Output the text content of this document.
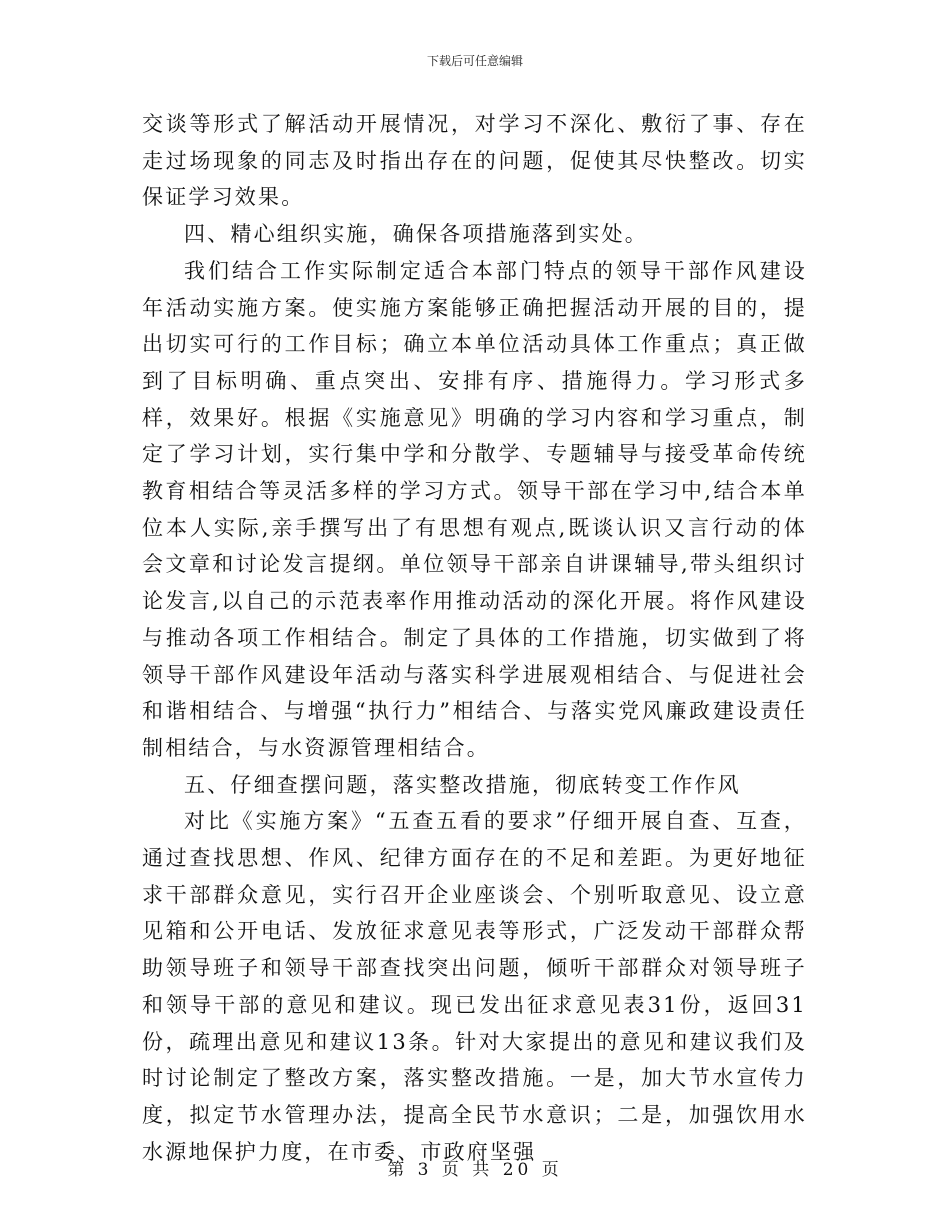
下载后可任意编辑

交谈等形式了解活动开展情况，对学习不深化、敷衍了事、存在走过场现象的同志及时指出存在的问题，促使其尽快整改。切实保证学习效果。

四、精心组织实施，确保各项措施落到实处。

我们结合工作实际制定适合本部门特点的领导干部作风建设年活动实施方案。使实施方案能够正确把握活动开展的目的，提出切实可行的工作目标；确立本单位活动具体工作重点；真正做到了目标明确、重点突出、安排有序、措施得力。学习形式多样，效果好。根据《实施意见》明确的学习内容和学习重点，制定了学习计划，实行集中学和分散学、专题辅导与接受革命传统教育相结合等灵活多样的学习方式。领导干部在学习中,结合本单位本人实际,亲手撰写出了有思想有观点,既谈认识又言行动的体会文章和讨论发言提纲。单位领导干部亲自讲课辅导,带头组织讨论发言,以自己的示范表率作用推动活动的深化开展。将作风建设与推动各项工作相结合。制定了具体的工作措施，切实做到了将领导干部作风建设年活动与落实科学进展观相结合、与促进社会和谐相结合、与增强“执行力”相结合、与落实党风廉政建设责任制相结合，与水资源管理相结合。

五、仔细查摆问题，落实整改措施，彻底转变工作作风

对比《实施方案》“五查五看的要求”仔细开展自查、互查，通过查找思想、作风、纪律方面存在的不足和差距。为更好地征求干部群众意见，实行召开企业座谈会、个别听取意见、设立意见箱和公开电话、发放征求意见表等形式，广泛发动干部群众帮助领导班子和领导干部查找突出问题，倾听干部群众对领导班子和领导干部的意见和建议。现已发出征求意见表31份，返回31份，疏理出意见和建议13条。针对大家提出的意见和建议我们及时讨论制定了整改方案，落实整改措施。一是，加大节水宣传力度，拟定节水管理办法，提高全民节水意识；二是，加强饮用水水源地保护力度，在市委、市政府坚强

第 3 页 共 20 页
